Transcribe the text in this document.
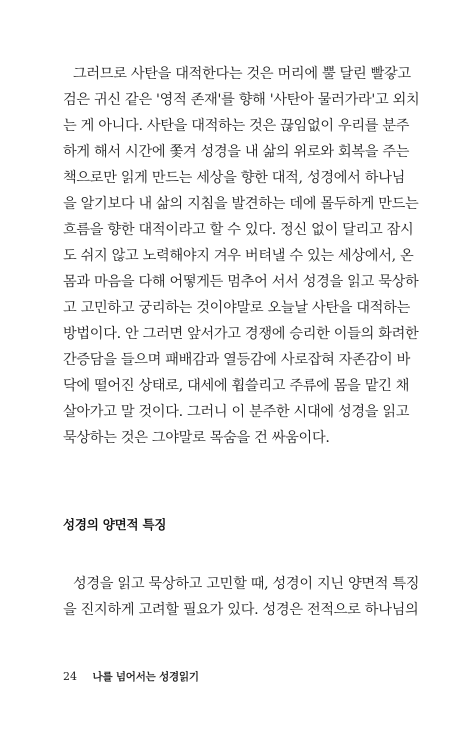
그러므로 사탄을 대적한다는 것은 머리에 뿔 달린 빨갛고
검은 귀신 같은 '영적 존재'를 향해 '사탄아 물러가라'고 외치
는 게 아니다. 사탄을 대적하는 것은 끊임없이 우리를 분주
하게 해서 시간에 쫓겨 성경을 내 삶의 위로와 회복을 주는
책으로만 읽게 만드는 세상을 향한 대적, 성경에서 하나님
을 알기보다 내 삶의 지침을 발견하는 데에 몰두하게 만드는
흐름을 향한 대적이라고 할 수 있다. 정신 없이 달리고 잠시
도 쉬지 않고 노력해야지 겨우 버텨낼 수 있는 세상에서, 온
몸과 마음을 다해 어떻게든 멈추어 서서 성경을 읽고 묵상하
고 고민하고 궁리하는 것이야말로 오늘날 사탄을 대적하는
방법이다. 안 그러면 앞서가고 경쟁에 승리한 이들의 화려한
간증담을 들으며 패배감과 열등감에 사로잡혀 자존감이 바
닥에 떨어진 상태로, 대세에 휩쓸리고 주류에 몸을 맡긴 채
살아가고 말 것이다. 그러니 이 분주한 시대에 성경을 읽고
묵상하는 것은 그야말로 목숨을 건 싸움이다.
성경의 양면적 특징
성경을 읽고 묵상하고 고민할 때, 성경이 지닌 양면적 특징
을 진지하게 고려할 필요가 있다. 성경은 전적으로 하나님의
24 나를 넘어서는 성경읽기
